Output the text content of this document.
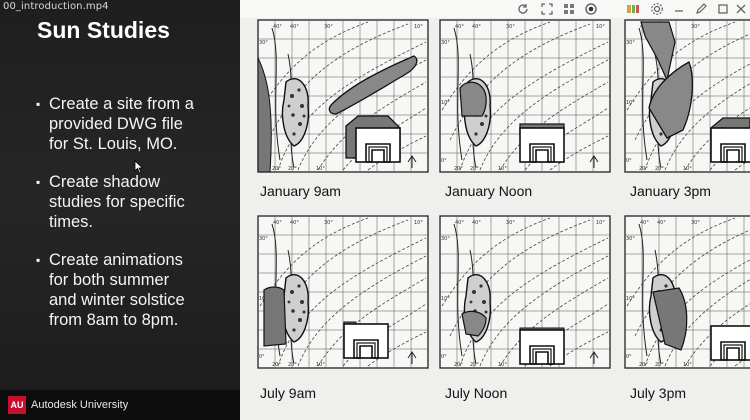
00_introduction.mp4
Sun Studies
▪ Create a site from a
provided DWG file
for St. Louis, MO.
▪ Create shadow
studies for specific
times.
▪ Create animations
for both summer
and winter solstice
from 8am to 8pm.
AU Autodesk University
January 9am	January Noon	January 3pm
July 9am	July Noon	July 3pm
